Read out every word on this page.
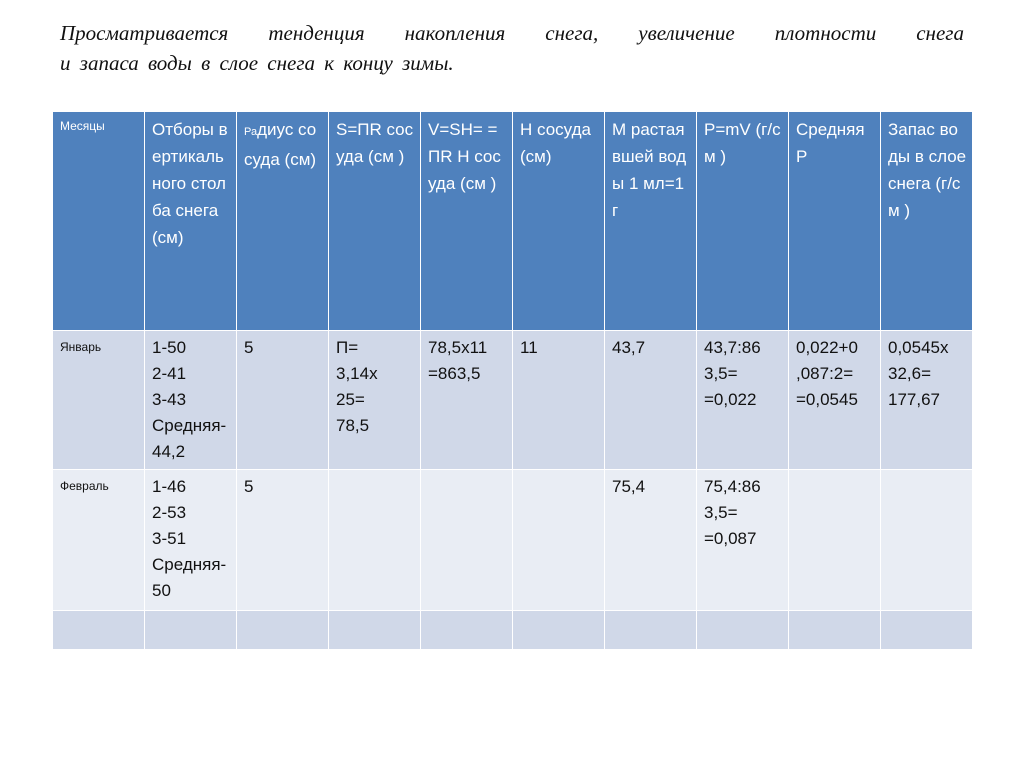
Просматривается тенденция накопления снега, увеличение плотности снега
и запаса воды в слое снега к концу зимы.
Месяцы	Отборы вертикального столба снега (см)	Радиус сосуда (см)	S=ПR сосуда (см )	V=SH= =ПR H сосуда (см )	H сосуда (см)	M растаявшей воды 1 мл=1 г	P=mV (г/см )	Средняя P	Запас воды в слое снега (г/см )
Январь	1-50
2-41
3-43
Средняя-44,2	5	П=
3,14х
25=
78,5	78,5х11
=863,5	11	43,7	43,7:86
3,5=
=0,022	0,022+0
,087:2=
=0,0545	0,0545х
32,6=
177,67
Февраль	1-46
2-53
3-51
Средняя-50	5				75,4	75,4:86
3,5=
=0,087		
